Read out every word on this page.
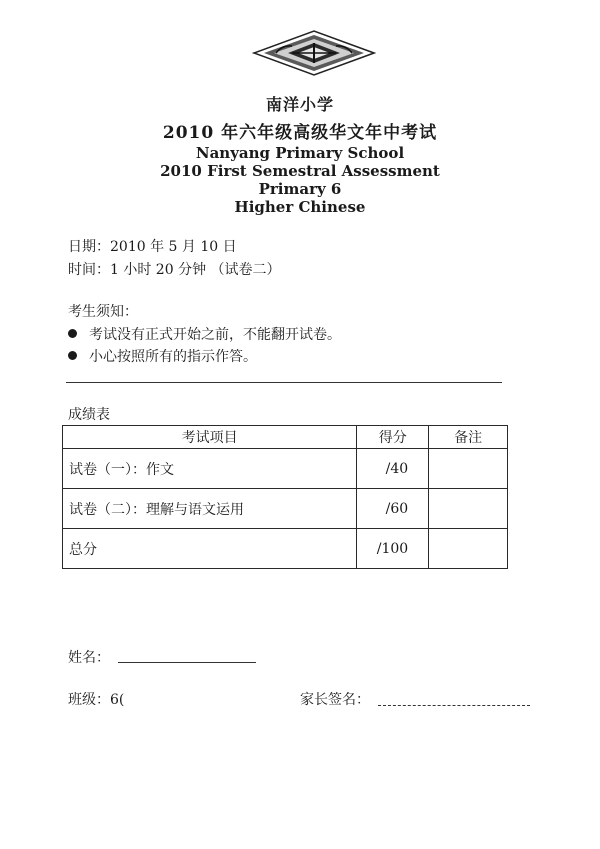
南洋小学
2010 年六年级高级华文年中考试
Nanyang Primary School
2010 First Semestral Assessment
Primary 6
Higher Chinese
日期：2010 年 5 月 10 日
时间：1 小时 20 分钟 （试卷二）
考生须知：
考试没有正式开始之前，不能翻开试卷。
小心按照所有的指示作答。
成绩表
考试项目	得分	备注
试卷（一）：作文	/40	
试卷（二）：理解与语文运用	/60	
总分	/100	
姓名：
班级：6(	家长签名：
